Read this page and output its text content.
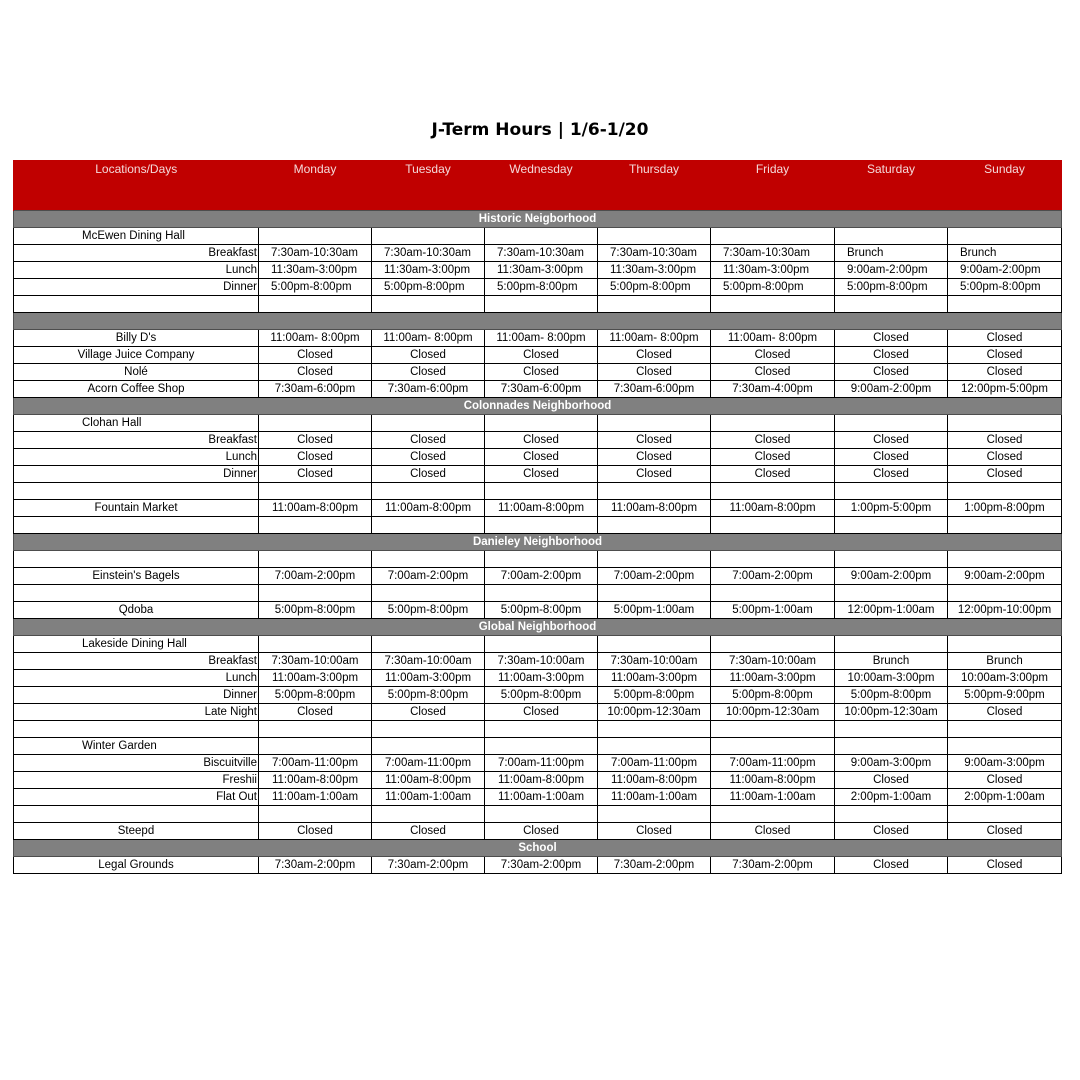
J-Term Hours | 1/6-1/20
Locations/Days	Monday	Tuesday	Wednesday	Thursday	Friday	Saturday	Sunday
Historic Neigborhood							
McEwen Dining Hall							
Breakfast	7:30am-10:30am	7:30am-10:30am	7:30am-10:30am	7:30am-10:30am	7:30am-10:30am	Brunch	Brunch
Lunch	11:30am-3:00pm	11:30am-3:00pm	11:30am-3:00pm	11:30am-3:00pm	11:30am-3:00pm	9:00am-2:00pm	9:00am-2:00pm
Dinner	5:00pm-8:00pm	5:00pm-8:00pm	5:00pm-8:00pm	5:00pm-8:00pm	5:00pm-8:00pm	5:00pm-8:00pm	5:00pm-8:00pm

Billy D's	11:00am- 8:00pm	11:00am- 8:00pm	11:00am- 8:00pm	11:00am- 8:00pm	11:00am- 8:00pm	Closed	Closed
Village Juice Company	Closed	Closed	Closed	Closed	Closed	Closed	Closed
Nolé	Closed	Closed	Closed	Closed	Closed	Closed	Closed
Acorn Coffee Shop	7:30am-6:00pm	7:30am-6:00pm	7:30am-6:00pm	7:30am-6:00pm	7:30am-4:00pm	9:00am-2:00pm	12:00pm-5:00pm
Colonnades Neighborhood							
Clohan Hall							
Breakfast	Closed	Closed	Closed	Closed	Closed	Closed	Closed
Lunch	Closed	Closed	Closed	Closed	Closed	Closed	Closed
Dinner	Closed	Closed	Closed	Closed	Closed	Closed	Closed

Fountain Market	11:00am-8:00pm	11:00am-8:00pm	11:00am-8:00pm	11:00am-8:00pm	11:00am-8:00pm	1:00pm-5:00pm	1:00pm-8:00pm

Danieley Neighborhood							

Einstein's Bagels	7:00am-2:00pm	7:00am-2:00pm	7:00am-2:00pm	7:00am-2:00pm	7:00am-2:00pm	9:00am-2:00pm	9:00am-2:00pm

Qdoba	5:00pm-8:00pm	5:00pm-8:00pm	5:00pm-8:00pm	5:00pm-1:00am	5:00pm-1:00am	12:00pm-1:00am	12:00pm-10:00pm
Global Neighborhood							
Lakeside Dining Hall							
Breakfast	7:30am-10:00am	7:30am-10:00am	7:30am-10:00am	7:30am-10:00am	7:30am-10:00am	Brunch	Brunch
Lunch	11:00am-3:00pm	11:00am-3:00pm	11:00am-3:00pm	11:00am-3:00pm	11:00am-3:00pm	10:00am-3:00pm	10:00am-3:00pm
Dinner	5:00pm-8:00pm	5:00pm-8:00pm	5:00pm-8:00pm	5:00pm-8:00pm	5:00pm-8:00pm	5:00pm-8:00pm	5:00pm-9:00pm
Late Night	Closed	Closed	Closed	10:00pm-12:30am	10:00pm-12:30am	10:00pm-12:30am	Closed

Winter Garden							
Biscuitville	7:00am-11:00pm	7:00am-11:00pm	7:00am-11:00pm	7:00am-11:00pm	7:00am-11:00pm	9:00am-3:00pm	9:00am-3:00pm
Freshii	11:00am-8:00pm	11:00am-8:00pm	11:00am-8:00pm	11:00am-8:00pm	11:00am-8:00pm	Closed	Closed
Flat Out	11:00am-1:00am	11:00am-1:00am	11:00am-1:00am	11:00am-1:00am	11:00am-1:00am	2:00pm-1:00am	2:00pm-1:00am

Steepd	Closed	Closed	Closed	Closed	Closed	Closed	Closed
School							
Legal Grounds	7:30am-2:00pm	7:30am-2:00pm	7:30am-2:00pm	7:30am-2:00pm	7:30am-2:00pm	Closed	Closed
